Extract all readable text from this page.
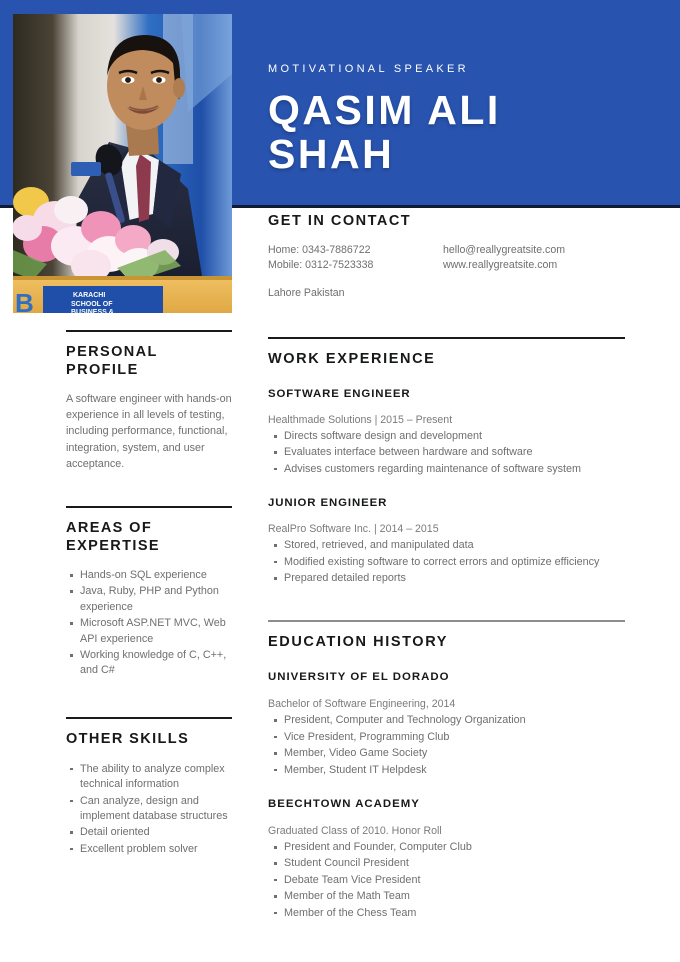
MOTIVATIONAL SPEAKER
QASIM ALI
SHAH
KARACHI
SCHOOL OF
BUSINESS &
B
PERSONAL PROFILE

A software engineer with hands-on experience in all levels of testing, including performance, functional, integration, system, and user acceptance.

AREAS OF EXPERTISE
Hands-on SQL experience
Java, Ruby, PHP and Python experience
Microsoft ASP.NET MVC, Web API experience
Working knowledge of C, C++, and C#
OTHER SKILLS
The ability to analyze complex technical information
Can analyze, design and implement database structures
Detail oriented
Excellent problem solver
GET IN CONTACT
Home: 0343-7886722
Mobile: 0312-7523338
hello@reallygreatsite.com
www.reallygreatsite.com
Lahore Pakistan
WORK EXPERIENCE
SOFTWARE ENGINEER
Healthmade Solutions | 2015 – Present
Directs software design and development
Evaluates interface between hardware and software
Advises customers regarding maintenance of software system
JUNIOR ENGINEER
RealPro Software Inc. | 2014 – 2015
Stored, retrieved, and manipulated data
Modified existing software to correct errors and optimize efficiency
Prepared detailed reports
EDUCATION HISTORY
UNIVERSITY OF EL DORADO
Bachelor of Software Engineering, 2014
President, Computer and Technology Organization
Vice President, Programming Club
Member, Video Game Society
Member, Student IT Helpdesk
BEECHTOWN ACADEMY
Graduated Class of 2010. Honor Roll
President and Founder, Computer Club
Student Council President
Debate Team Vice President
Member of the Math Team
Member of the Chess Team
